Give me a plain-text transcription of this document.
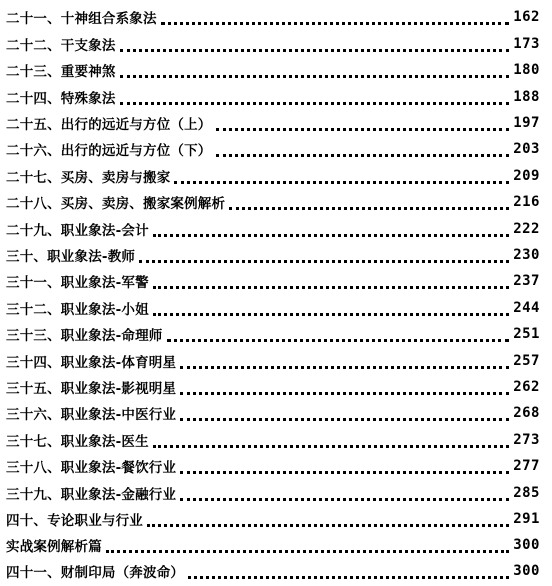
二十一、十神组合系象法	162
二十二、干支象法	173
二十三、重要神煞	180
二十四、特殊象法	188
二十五、出行的远近与方位（上）	197
二十六、出行的远近与方位（下）	203
二十七、买房、卖房与搬家	209
二十八、买房、卖房、搬家案例解析	216
二十九、职业象法-会计	222
三十、职业象法-教师	230
三十一、职业象法-军警	237
三十二、职业象法-小姐	244
三十三、职业象法-命理师	251
三十四、职业象法-体育明星	257
三十五、职业象法-影视明星	262
三十六、职业象法-中医行业	268
三十七、职业象法-医生	273
三十八、职业象法-餐饮行业	277
三十九、职业象法-金融行业	285
四十、专论职业与行业	291
实战案例解析篇	300
四十一、财制印局（奔波命）	300
